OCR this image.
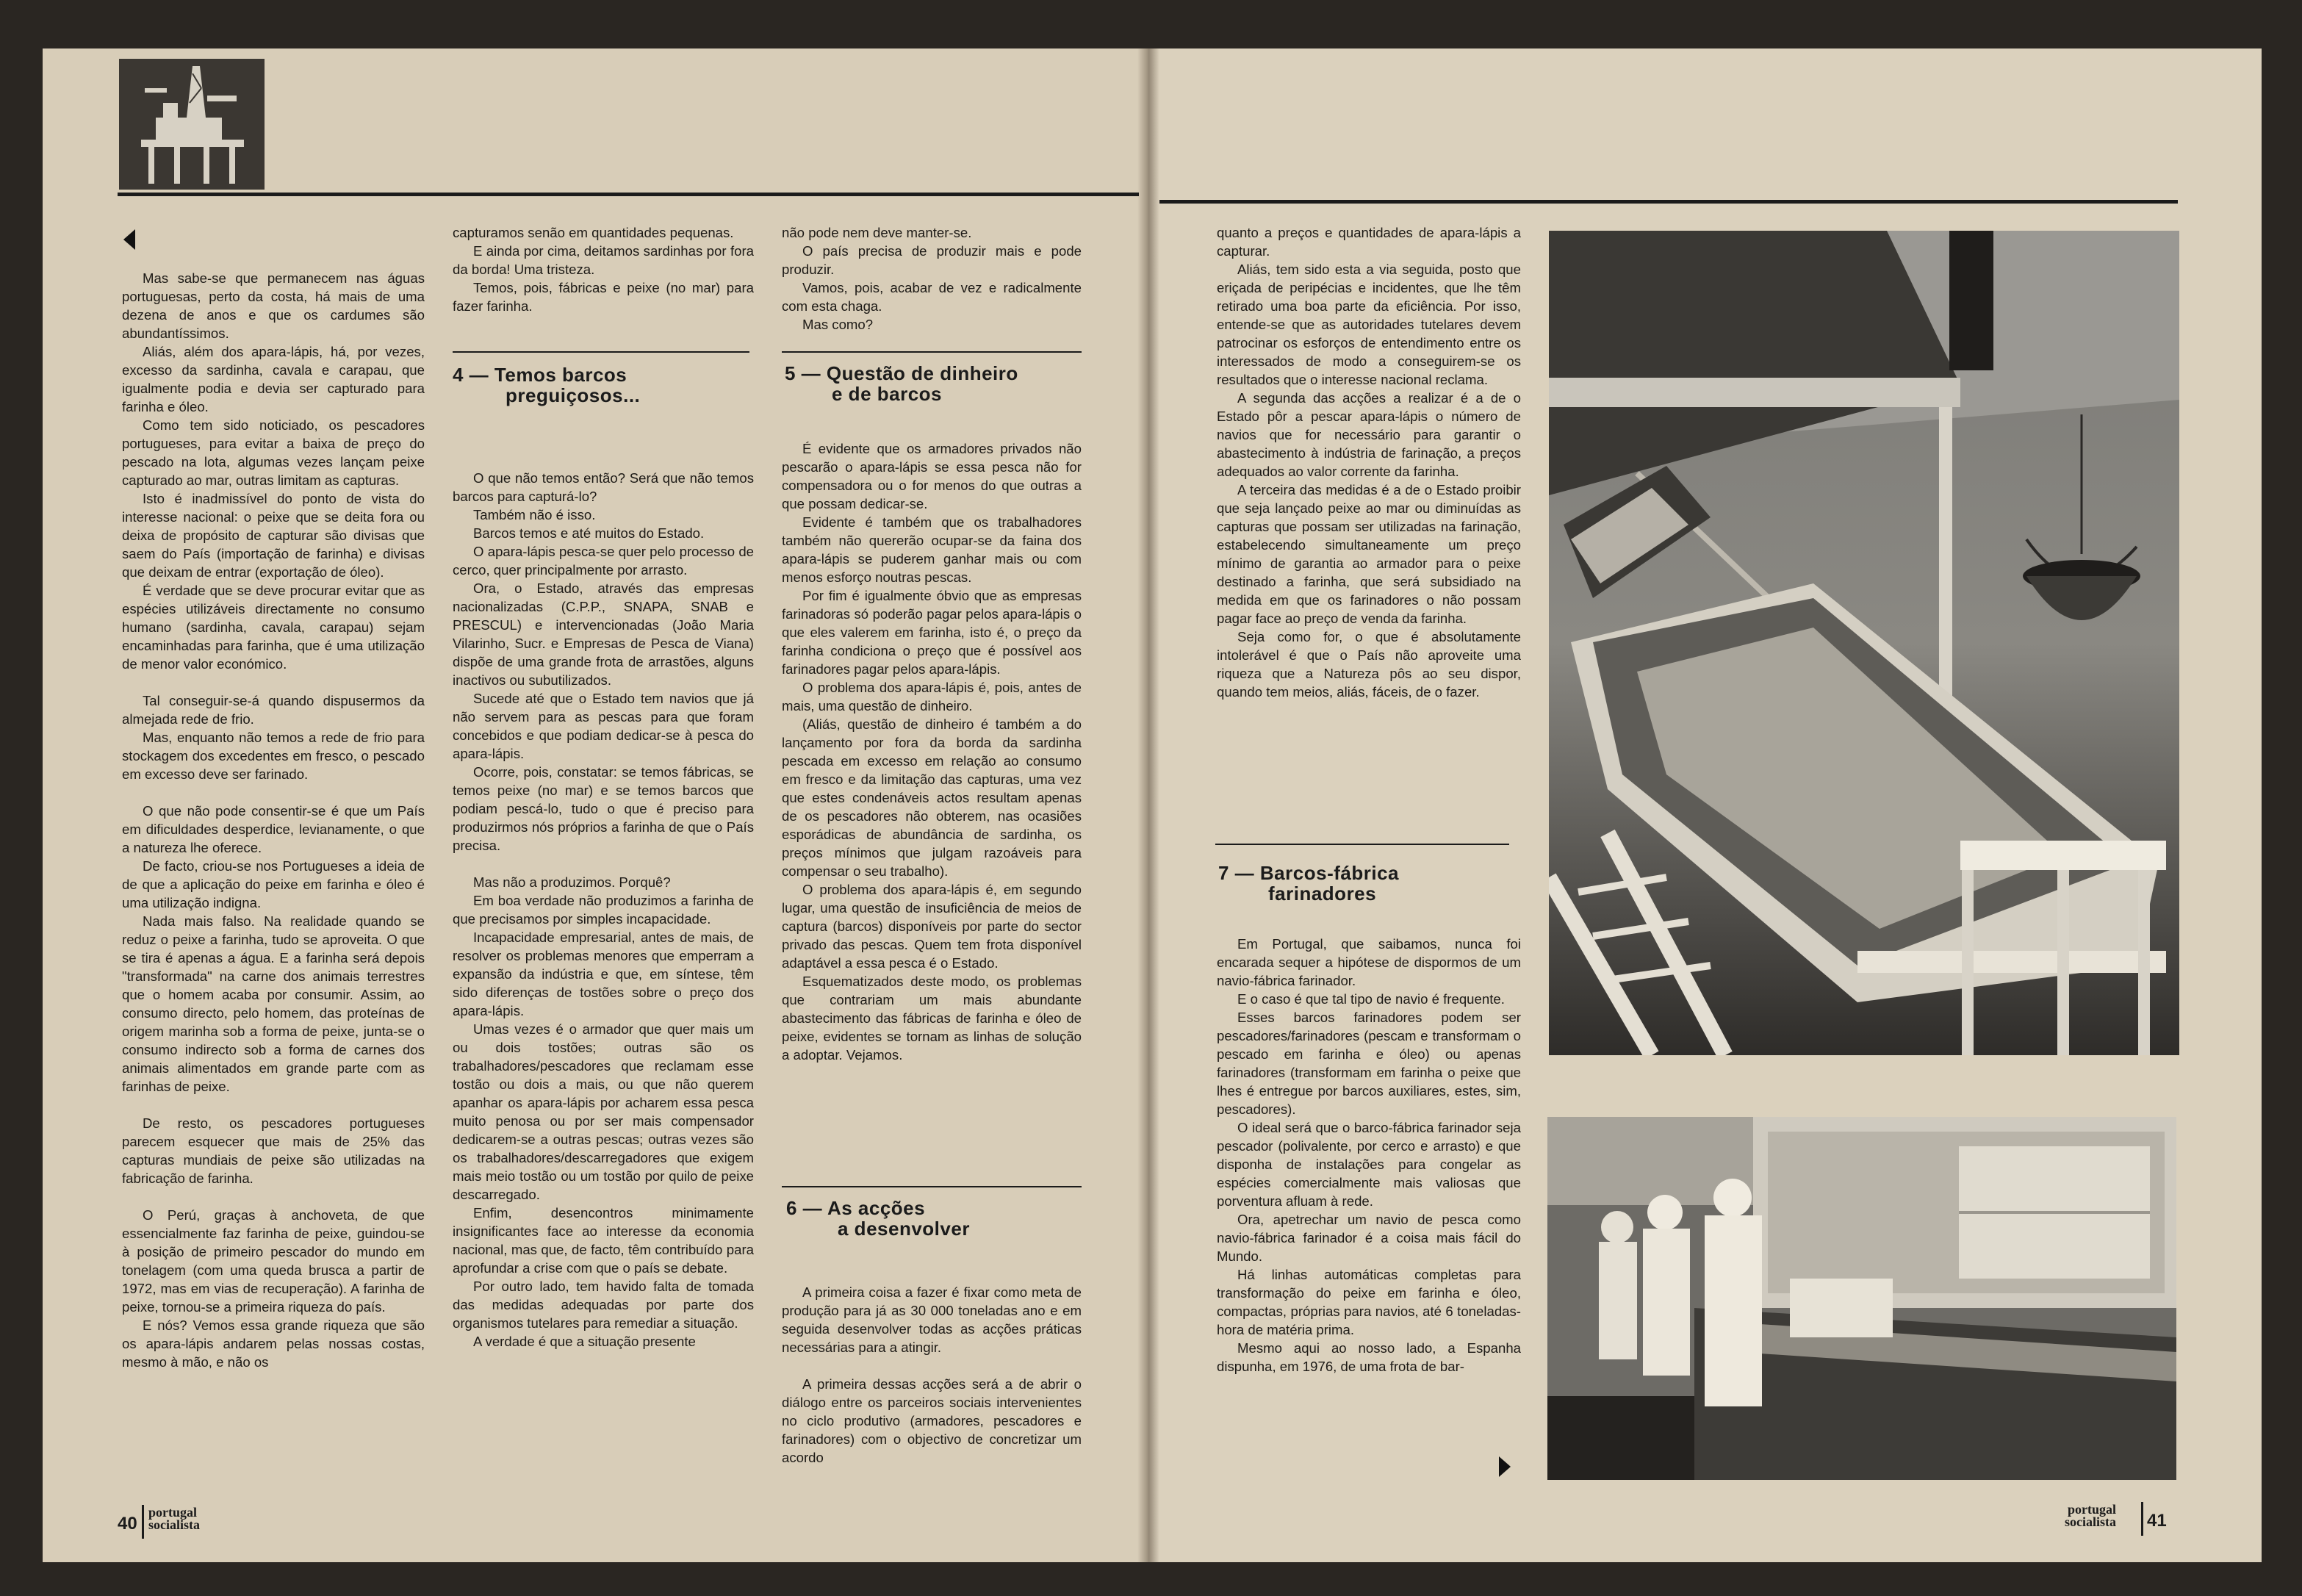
Mas sabe-se que permanecem nas águas portuguesas, perto da costa, há mais de uma dezena de anos e que os cardumes são abundantíssimos.

Aliás, além dos apara-lápis, há, por vezes, excesso da sardinha, cavala e carapau, que igualmente podia e devia ser capturado para farinha e óleo.

Como tem sido noticiado, os pescadores portugueses, para evitar a baixa de preço do pescado na lota, algumas vezes lançam peixe capturado ao mar, outras limitam as capturas.

Isto é inadmissível do ponto de vista do interesse nacional: o peixe que se deita fora ou deixa de propósito de capturar são divisas que saem do País (importação de farinha) e divisas que deixam de entrar (exportação de óleo).

É verdade que se deve procurar evitar que as espécies utilizáveis directamente no consumo humano (sardinha, cavala, carapau) sejam encaminhadas para farinha, que é uma utilização de menor valor económico.

Tal conseguir-se-á quando dispusermos da almejada rede de frio.

Mas, enquanto não temos a rede de frio para stockagem dos excedentes em fresco, o pescado em excesso deve ser farinado.

O que não pode consentir-se é que um País em dificuldades desperdice, levianamente, o que a natureza lhe oferece.

De facto, criou-se nos Portugueses a ideia de de que a aplicação do peixe em farinha e óleo é uma utilização indigna.

Nada mais falso. Na realidade quando se reduz o peixe a farinha, tudo se aproveita. O que se tira é apenas a água. E a farinha será depois "transformada" na carne dos animais terrestres que o homem acaba por consumir. Assim, ao consumo directo, pelo homem, das proteínas de origem marinha sob a forma de peixe, junta-se o consumo indirecto sob a forma de carnes dos animais alimentados em grande parte com as farinhas de peixe.

De resto, os pescadores portugueses parecem esquecer que mais de 25% das capturas mundiais de peixe são utilizadas na fabricação de farinha.

O Perú, graças à anchoveta, de que essencialmente faz farinha de peixe, guindou-se à posição de primeiro pescador do mundo em tonelagem (com uma queda brusca a partir de 1972, mas em vias de recuperação). A farinha de peixe, tornou-se a primeira riqueza do país.

E nós? Vemos essa grande riqueza que são os apara-lápis andarem pelas nossas costas, mesmo à mão, e não os

capturamos senão em quantidades pequenas.

E ainda por cima, deitamos sardinhas por fora da borda! Uma tristeza.

Temos, pois, fábricas e peixe (no mar) para fazer farinha.

4 — Temos barcos
preguiçosos...

O que não temos então? Será que não temos barcos para capturá-lo?

Também não é isso.

Barcos temos e até muitos do Estado.

O apara-lápis pesca-se quer pelo processo de cerco, quer principalmente por arrasto.

Ora, o Estado, através das empresas nacionalizadas (C.P.P., SNAPA, SNAB e PRESCUL) e intervencionadas (João Maria Vilarinho, Sucr. e Empresas de Pesca de Viana) dispõe de uma grande frota de arrastões, alguns inactivos ou subutilizados.

Sucede até que o Estado tem navios que já não servem para as pescas para que foram concebidos e que podiam dedicar-se à pesca do apara-lápis.

Ocorre, pois, constatar: se temos fábricas, se temos peixe (no mar) e se temos barcos que podiam pescá-lo, tudo o que é preciso para produzirmos nós próprios a farinha de que o País precisa.

Mas não a produzimos. Porquê?

Em boa verdade não produzimos a farinha de que precisamos por simples incapacidade.

Incapacidade empresarial, antes de mais, de resolver os problemas menores que emperram a expansão da indústria e que, em síntese, têm sido diferenças de tostões sobre o preço dos apara-lápis.

Umas vezes é o armador que quer mais um ou dois tostões; outras são os trabalhadores/pescadores que reclamam esse tostão ou dois a mais, ou que não querem apanhar os apara-lápis por acharem essa pesca muito penosa ou por ser mais compensador dedicarem-se a outras pescas; outras vezes são os trabalhadores/descarregadores que exigem mais meio tostão ou um tostão por quilo de peixe descarregado.

Enfim, desencontros minimamente insignificantes face ao interesse da economia nacional, mas que, de facto, têm contribuído para aprofundar a crise com que o país se debate.

Por outro lado, tem havido falta de tomada das medidas adequadas por parte dos organismos tutelares para remediar a situação.

A verdade é que a situação presente

não pode nem deve manter-se.

O país precisa de produzir mais e pode produzir.

Vamos, pois, acabar de vez e radicalmente com esta chaga.

Mas como?

5 — Questão de dinheiro
e de barcos

É evidente que os armadores privados não pescarão o apara-lápis se essa pesca não for compensadora ou o for menos do que outras a que possam dedicar-se.

Evidente é também que os trabalhadores também não quererão ocupar-se da faina dos apara-lápis se puderem ganhar mais ou com menos esforço noutras pescas.

Por fim é igualmente óbvio que as empresas farinadoras só poderão pagar pelos apara-lápis o que eles valerem em farinha, isto é, o preço da farinha condiciona o preço que é possível aos farinadores pagar pelos apara-lápis.

O problema dos apara-lápis é, pois, antes de mais, uma questão de dinheiro.

(Aliás, questão de dinheiro é também a do lançamento por fora da borda da sardinha pescada em excesso em relação ao consumo em fresco e da limitação das capturas, uma vez que estes condenáveis actos resultam apenas de os pescadores não obterem, nas ocasiões esporádicas de abundância de sardinha, os preços mínimos que julgam razoáveis para compensar o seu trabalho).

O problema dos apara-lápis é, em segundo lugar, uma questão de insuficiência de meios de captura (barcos) disponíveis por parte do sector privado das pescas. Quem tem frota disponível adaptável a essa pesca é o Estado.

Esquematizados deste modo, os problemas que contrariam um mais abundante abastecimento das fábricas de farinha e óleo de peixe, evidentes se tornam as linhas de solução a adoptar. Vejamos.

6 — As acções
a desenvolver

A primeira coisa a fazer é fixar como meta de produção para já as 30 000 toneladas ano e em seguida desenvolver todas as acções práticas necessárias para a atingir.

A primeira dessas acções será a de abrir o diálogo entre os parceiros sociais intervenientes no ciclo produtivo (armadores, pescadores e farinadores) com o objectivo de concretizar um acordo

quanto a preços e quantidades de apara-lápis a capturar.

Aliás, tem sido esta a via seguida, posto que eriçada de peripécias e incidentes, que lhe têm retirado uma boa parte da eficiência. Por isso, entende-se que as autoridades tutelares devem patrocinar os esforços de entendimento entre os interessados de modo a conseguirem-se os resultados que o interesse nacional reclama.

A segunda das acções a realizar é a de o Estado pôr a pescar apara-lápis o número de navios que for necessário para garantir o abastecimento à indústria de farinação, a preços adequados ao valor corrente da farinha.

A terceira das medidas é a de o Estado proibir que seja lançado peixe ao mar ou diminuídas as capturas que possam ser utilizadas na farinação, estabelecendo simultaneamente um preço mínimo de garantia ao armador para o peixe destinado a farinha, que será subsidiado na medida em que os farinadores o não possam pagar face ao preço de venda da farinha.

Seja como for, o que é absolutamente intolerável é que o País não aproveite uma riqueza que a Natureza pôs ao seu dispor, quando tem meios, aliás, fáceis, de o fazer.

7 — Barcos-fábrica
farinadores

Em Portugal, que saibamos, nunca foi encarada sequer a hipótese de dispormos de um navio-fábrica farinador.

E o caso é que tal tipo de navio é frequente.

Esses barcos farinadores podem ser pescadores/farinadores (pescam e transformam o pescado em farinha e óleo) ou apenas farinadores (transformam em farinha o peixe que lhes é entregue por barcos auxiliares, estes, sim, pescadores).

O ideal será que o barco-fábrica farinador seja pescador (polivalente, por cerco e arrasto) e que disponha de instalações para congelar as espécies comercialmente mais valiosas que porventura afluam à rede.

Ora, apetrechar um navio de pesca como navio-fábrica farinador é a coisa mais fácil do Mundo.

Há linhas automáticas completas para transformação do peixe em farinha e óleo, compactas, próprias para navios, até 6 toneladas-hora de matéria prima.

Mesmo aqui ao nosso lado, a Espanha dispunha, em 1976, de uma frota de bar-

40
portugal
socialista
portugal
socialista 41
